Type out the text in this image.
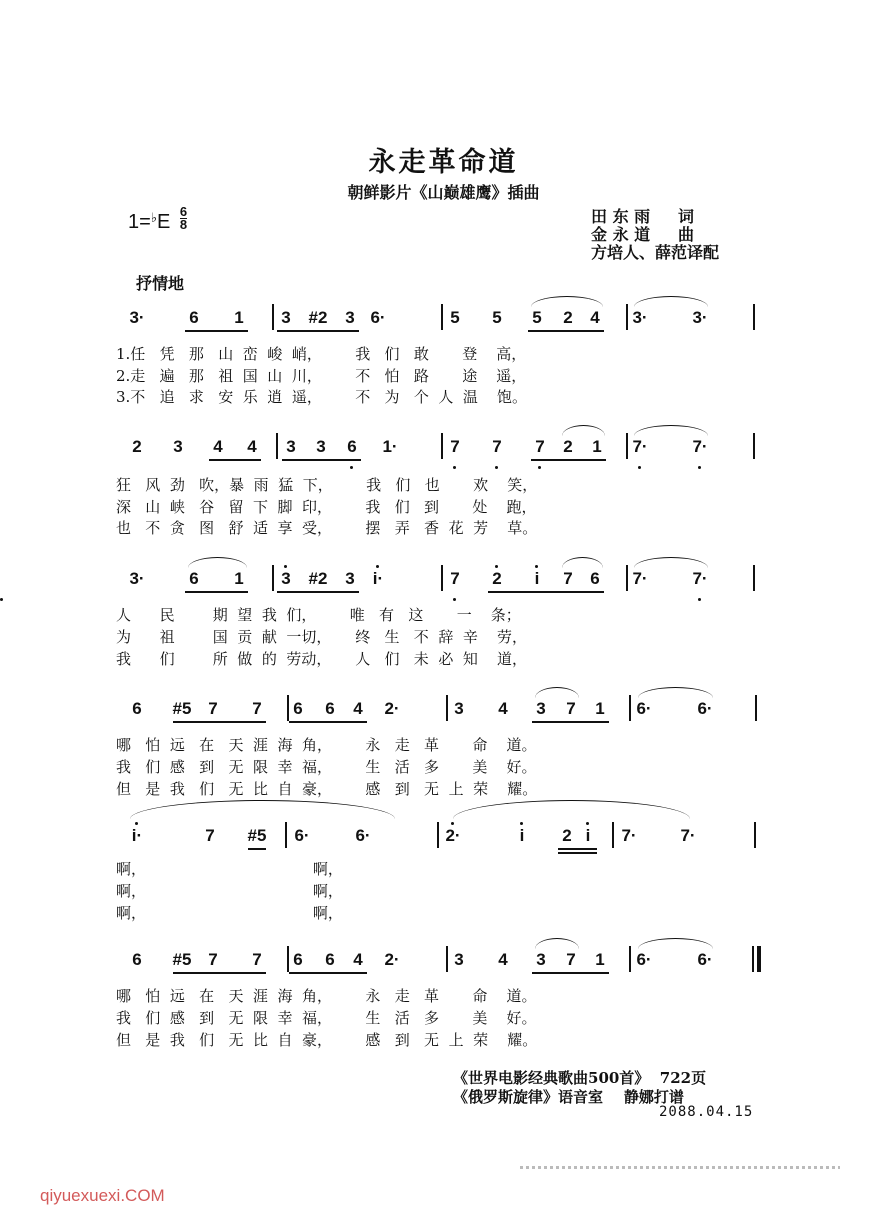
永走革命道
朝鲜影片《山巅雄鹰》插曲
$1=^♭E \frac{6}{8}$	田 东 雨     词
金 永 道     曲
方培人、薛范译配
抒情地
3·	6	1	3	#2	3 6·	5	5	5	2	4	3·	3·
1.任   凭   那   山  峦  峻  峭，       我   们   敢       登    高，
2.走   遍   那   祖  国  山  川，       不   怕   路       途    遥，
3.不   追   求   安  乐  逍  遥，       不   为   个  人  温    饱。
2	3	4	4	3	3	6	1·	7	7	7	2	1	7·	7·
狂   风  劲   吹，暴  雨  猛  下，       我   们   也       欢    笑，
深   山  峡   谷   留  下  脚  印，       我   们   到       处    跑，
也   不  贪   图   舒  适  享  受，       摆   弄   香  花  芳    草。
3·	6	1	3	#2	3	i·	7	2	i	7	6	7·	7·
人      民        期  望  我  们，       唯   有   这       一    条；
为      祖        国  贡  献  一切，     终   生   不  辞  辛    劳，
我      们        所  做  的  劳动，     人   们   未  必  知    道，
6	#5 7	7	6	6	4	2·	3	4	3	7	1	6·	6·
哪   怕  远   在   天  涯  海  角，       永   走   革       命    道。
我   们  感   到   无  限  幸  福，       生   活   多       美    好。
但   是  我   们   无  比  自  豪，       感   到   无  上  荣    耀。
i·	7	#5 6·	6·	2·	i	2 i	7·	7·
啊，                                   啊，
啊，                                   啊，
啊，                                   啊，
6	#5 7	7	6	6	4	2·	3	4	3	7	1	6·	6·
哪   怕  远   在   天  涯  海  角，       永   走   革       命    道。
我   们  感   到   无  限  幸  福，       生   活   多       美    好。
但   是  我   们   无  比  自  豪，       感   到   无  上  荣    耀。
《世界电影经典歌曲500首》  722页
《俄罗斯旋律》语音室    静娜打谱
2088.04.15
qiyuexuexi.COM
